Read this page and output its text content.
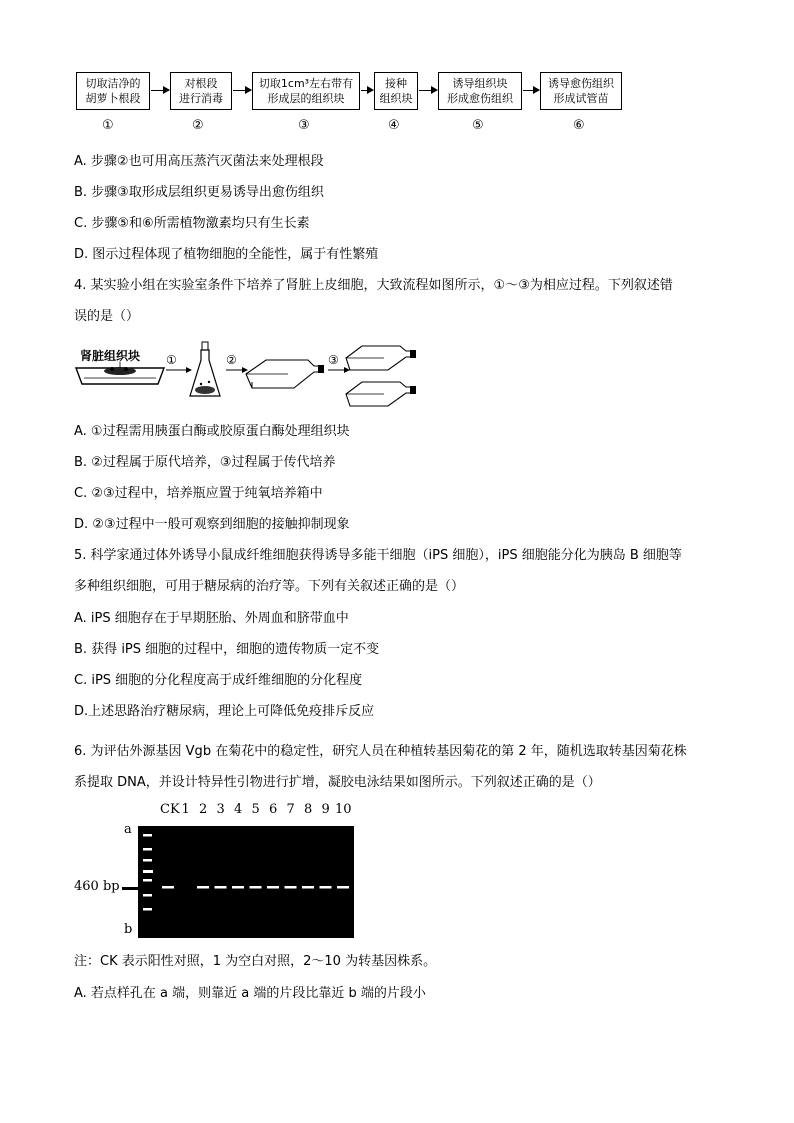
切取洁净的
胡萝卜根段
对根段
进行消毒
切取1cm³左右带有
形成层的组织块
接种
组织块
诱导组织块
形成愈伤组织
诱导愈伤组织
形成试管苗
①	②	③	④	⑤	⑥
A. 步骤②也可用高压蒸汽灭菌法来处理根段
B. 步骤③取形成层组织更易诱导出愈伤组织
C. 步骤⑤和⑥所需植物激素均只有生长素
D. 图示过程体现了植物细胞的全能性，属于有性繁殖
4. 某实验小组在实验室条件下培养了肾脏上皮细胞，大致流程如图所示，①～③为相应过程。下列叙述错
误的是（）
肾脏组织块 ①	②	③
A. ①过程需用胰蛋白酶或胶原蛋白酶处理组织块
B. ②过程属于原代培养，③过程属于传代培养
C. ②③过程中，培养瓶应置于纯氧培养箱中
D. ②③过程中一般可观察到细胞的接触抑制现象
5. 科学家通过体外诱导小鼠成纤维细胞获得诱导多能干细胞（iPS 细胞），iPS 细胞能分化为胰岛 B 细胞等
多种组织细胞，可用于糖尿病的治疗等。下列有关叙述正确的是（）
A. iPS 细胞存在于早期胚胎、外周血和脐带血中
B. 获得 iPS 细胞的过程中，细胞的遗传物质一定不变
C. iPS 细胞的分化程度高于成纤维细胞的分化程度
D.上述思路治疗糖尿病，理论上可降低免疫排斥反应
6. 为评估外源基因 Vgb 在菊花中的稳定性，研究人员在种植转基因菊花的第 2 年，随机选取转基因菊花株
系提取 DNA，并设计特异性引物进行扩增，凝胶电泳结果如图所示。下列叙述正确的是（）
CK 1 2 3 4 5 6 7 8 9 10
a
b
460 bp
注：CK 表示阳性对照，1 为空白对照，2～10 为转基因株系。
A. 若点样孔在 a 端，则靠近 a 端的片段比靠近 b 端的片段小
